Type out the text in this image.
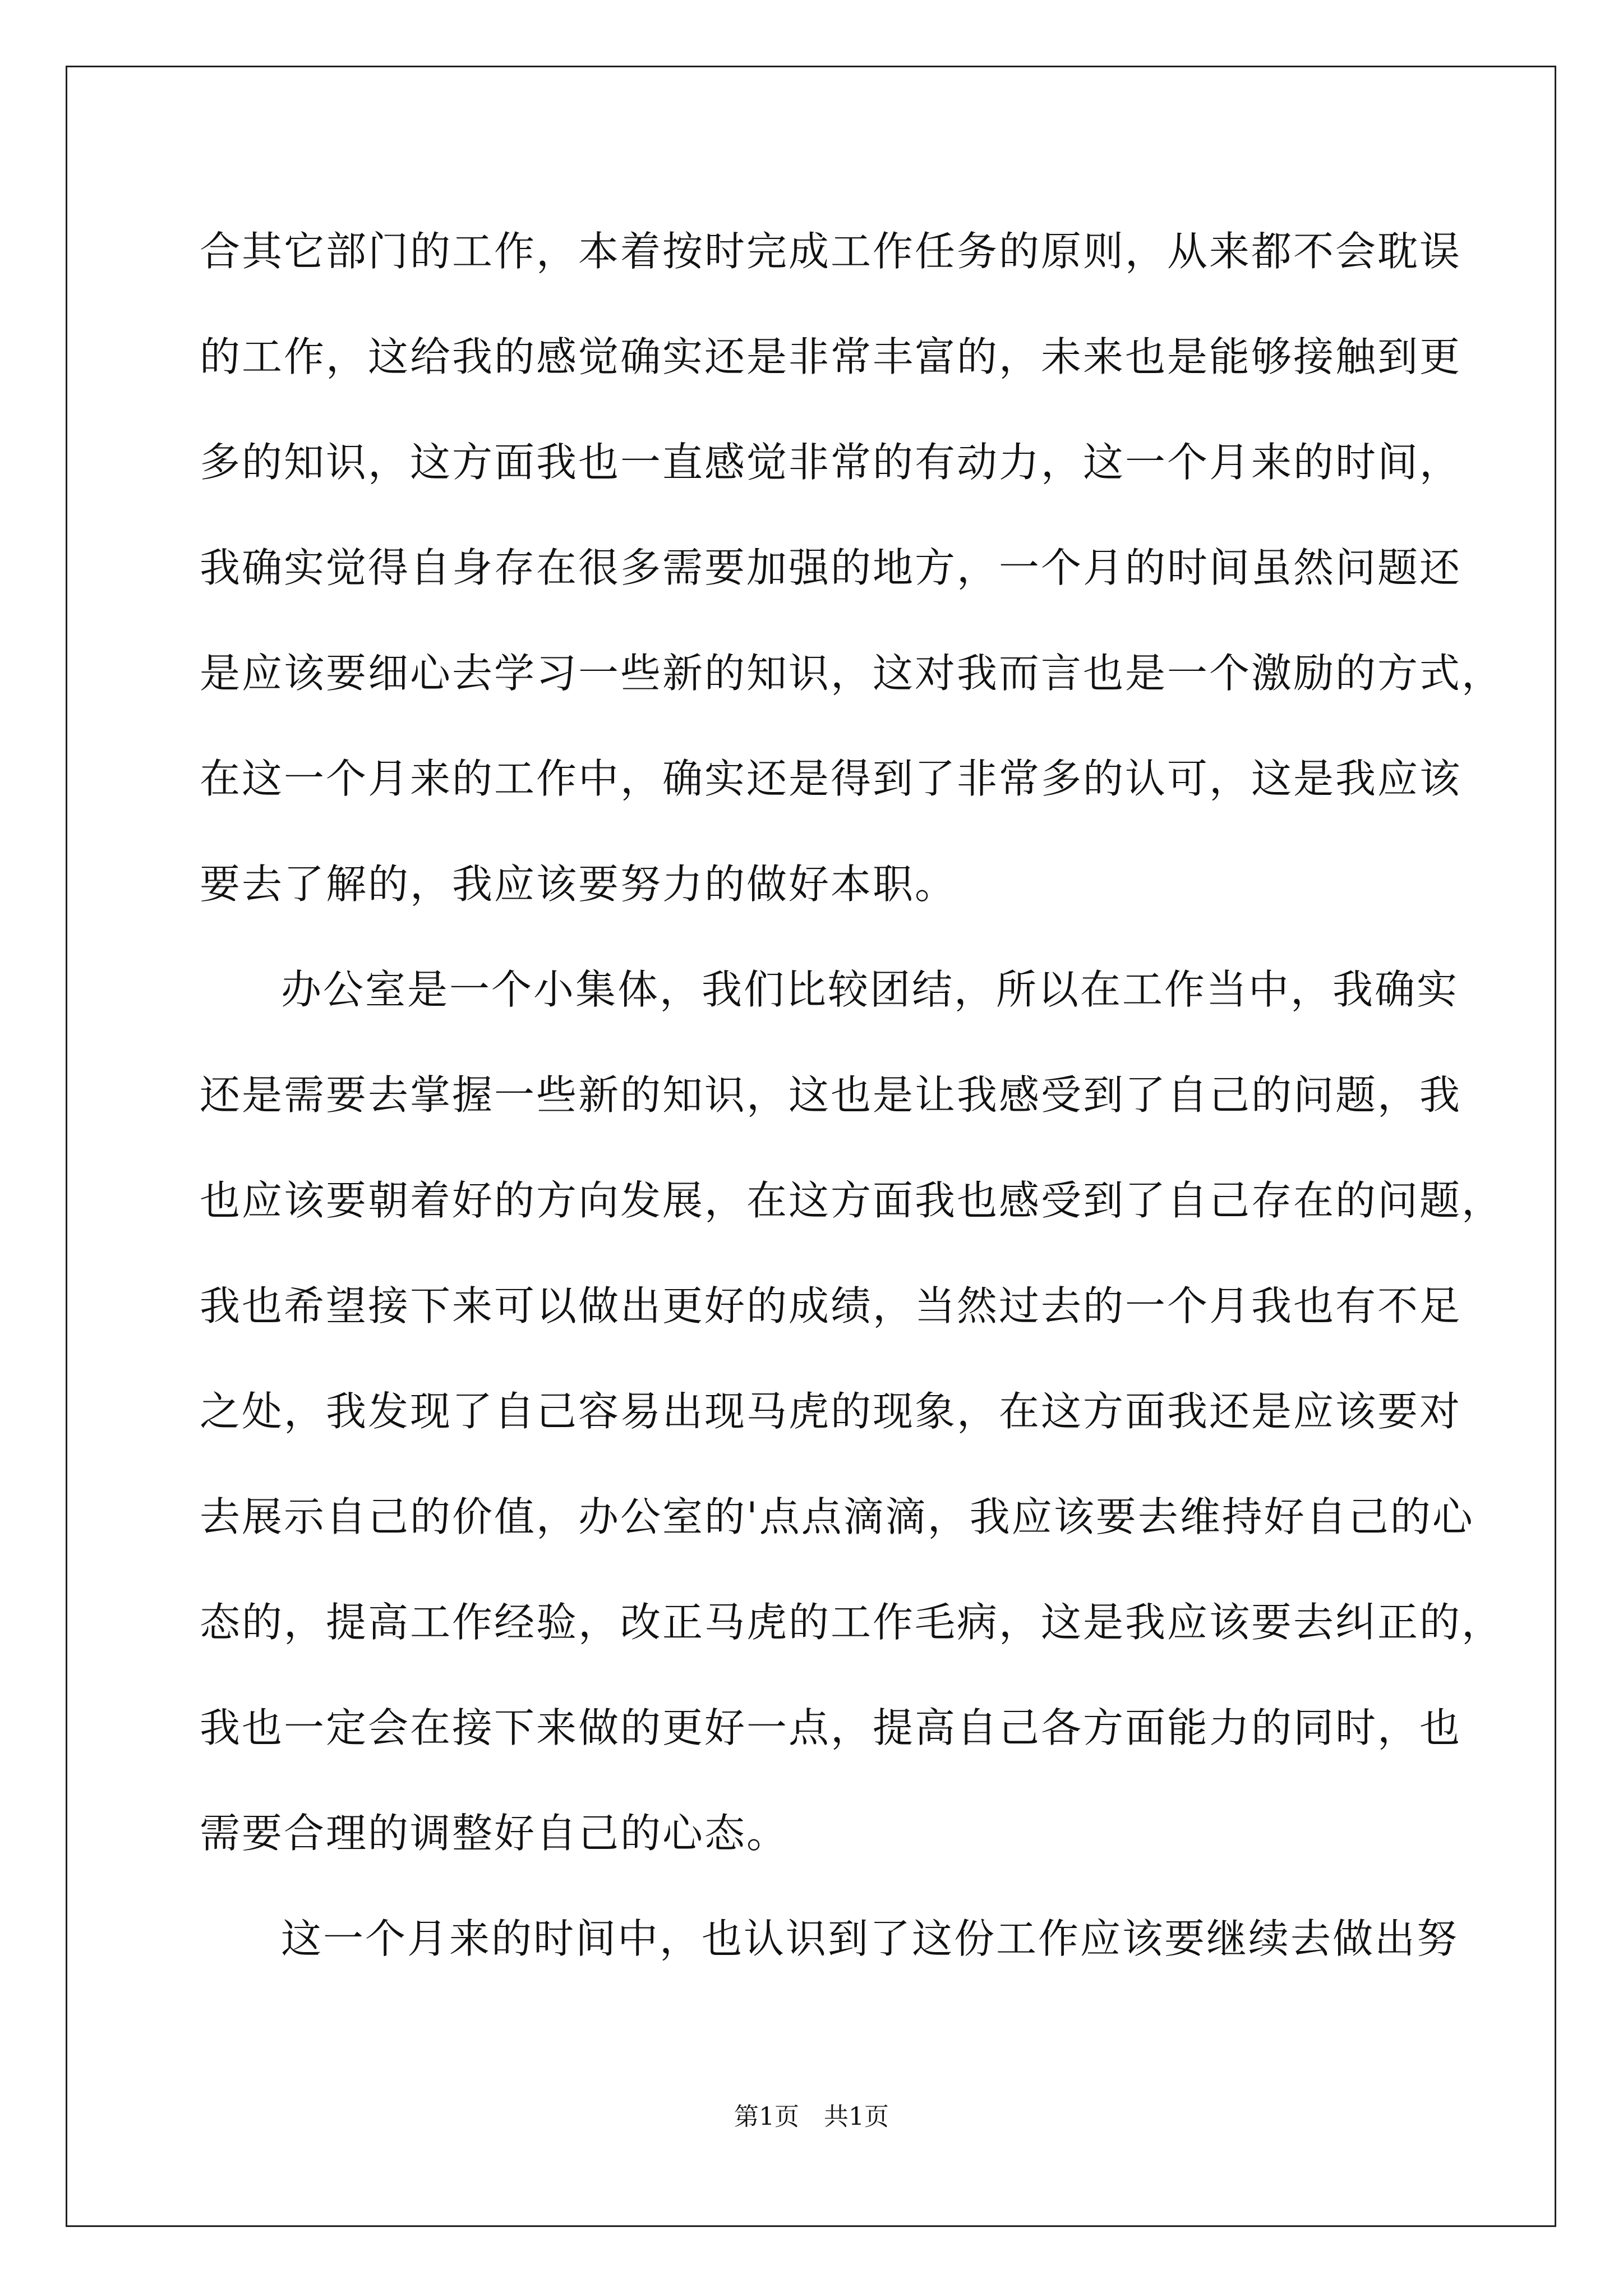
合其它部门的工作，本着按时完成工作任务的原则，从来都不会耽误
的工作，这给我的感觉确实还是非常丰富的，未来也是能够接触到更
多的知识，这方面我也一直感觉非常的有动力，这一个月来的时间，
我确实觉得自身存在很多需要加强的地方，一个月的时间虽然问题还
是应该要细心去学习一些新的知识，这对我而言也是一个激励的方式，
在这一个月来的工作中，确实还是得到了非常多的认可，这是我应该
要去了解的，我应该要努力的做好本职。
办公室是一个小集体，我们比较团结，所以在工作当中，我确实
还是需要去掌握一些新的知识，这也是让我感受到了自己的问题，我
也应该要朝着好的方向发展，在这方面我也感受到了自己存在的问题，
我也希望接下来可以做出更好的成绩，当然过去的一个月我也有不足
之处，我发现了自己容易出现马虎的现象，在这方面我还是应该要对
去展示自己的价值，办公室的'点点滴滴，我应该要去维持好自己的心
态的，提高工作经验，改正马虎的工作毛病，这是我应该要去纠正的，
我也一定会在接下来做的更好一点，提高自己各方面能力的同时，也
需要合理的调整好自己的心态。
这一个月来的时间中，也认识到了这份工作应该要继续去做出努
第1页　共1页
